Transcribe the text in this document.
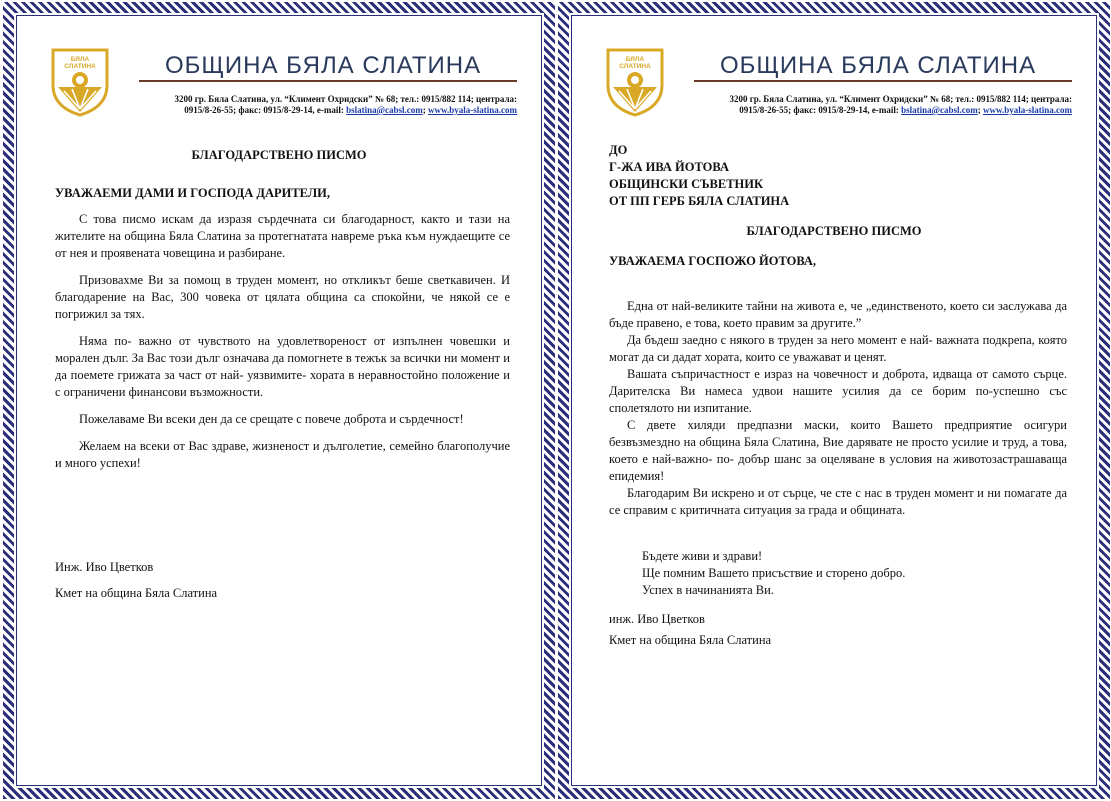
БЯЛА
СЛАТИНА	ОБЩИНА БЯЛА СЛАТИНА
3200 гр. Бяла Слатина, ул. “Климент Охридски” № 68; тел.: 0915/882 114; централа:
0915/8-26-55; факс: 0915/8-29-14, e-mail: bslatina@cabsl.com; www.byala-slatina.com
БЛАГОДАРСТВЕНО ПИСМО
УВАЖАЕМИ ДАМИ И ГОСПОДА ДАРИТЕЛИ,

С това писмо искам да изразя сърдечната си благодарност, както и тази на жителите на община Бяла Слатина за протегнатата навреме ръка към нуждаещите се от нея и проявената човещина и разбиране.

Призовахме Ви за помощ в труден момент, но откликът беше светкавичен. И благодарение на Вас, 300 човека от цялата община са спокойни, че някой се е погрижил за тях.

Няма по- важно от чувството на удовлетвореност от изпълнен човешки и морален дълг. За Вас този дълг означава да помогнете в тежък за всички ни момент и да поемете грижата за част от най- уязвимите- хората в неравностойно положение и с ограничени финансови възможности.

Пожелаваме Ви всеки ден да се срещате с повече доброта и сърдечност!

Желаем на всеки от Вас здраве, жизненост и дълголетие, семейно благополучие и много успехи!

Инж. Иво Цветков
Кмет на община Бяла Слатина
БЯЛА
СЛАТИНА	ОБЩИНА БЯЛА СЛАТИНА
3200 гр. Бяла Слатина, ул. “Климент Охридски” № 68; тел.: 0915/882 114; централа:
0915/8-26-55; факс: 0915/8-29-14, e-mail: bslatina@cabsl.com; www.byala-slatina.com
ДО
Г-ЖА ИВА ЙОТОВА
ОБЩИНСКИ СЪВЕТНИК
ОТ ПП ГЕРБ БЯЛА СЛАТИНА
БЛАГОДАРСТВЕНО ПИСМО
УВАЖАЕМА ГОСПОЖО ЙОТОВА,

Една от най-великите тайни на живота е, че „единственото, което си заслужава да бъде правено, е това, което правим за другите.”

Да бъдеш заедно с някого в труден за него момент е най- важната подкрепа, която могат да си дадат хората, които се уважават и ценят.

Вашата съпричастност е израз на човечност и доброта, идваща от самото сърце. Дарителска Ви намеса удвои нашите усилия да се борим по-успешно със сполетялото ни изпитание.

С двете хиляди предпазни маски, които Вашето предприятие осигури безвъзмездно на община Бяла Слатина, Вие дарявате не просто усилие и труд, а това, което е най-важно- по- добър шанс за оцеляване в условия на животозастрашаваща епидемия!

Благодарим Ви искрено и от сърце, че сте с нас в труден момент и ни помагате да се справим с критичната ситуация за града и общината.

Бъдете живи и здрави!
Ще помним Вашето присъствие и сторено добро.
Успех в начинанията Ви.
инж. Иво Цветков
Кмет на община Бяла Слатина
